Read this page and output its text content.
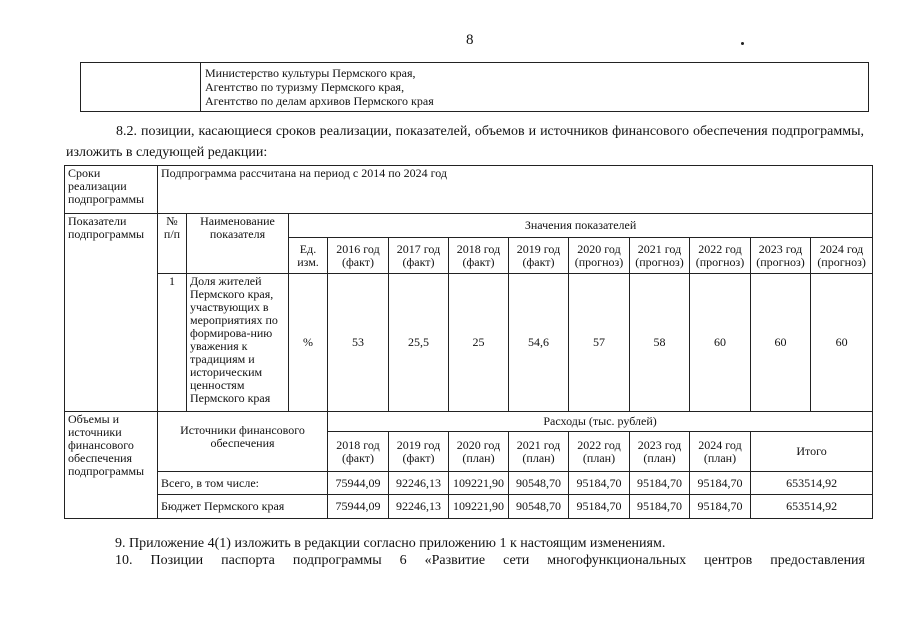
8

Министерство культуры Пермского края,
Агентство по туризму Пермского края,
Агентство по делам архивов Пермского края
8.2. позиции, касающиеся сроков реализации, показателей, объемов и источников финансового обеспечения подпрограммы, изложить в следующей редакции:
Сроки реализации подпрограммы	Подпрограмма рассчитана на период с 2014 по 2024 год											
Показатели подпрограммы	№ п/п	Наименование показателя	Значения показателей									
			Ед. изм.	2016 год (факт)	2017 год (факт)	2018 год (факт)	2019 год (факт)	2020 год (прогноз)	2021 год (прогноз)	2022 год (прогноз)	2023 год (прогноз)	2024 год (прогноз)
	1	Доля жителей Пермского края, участвующих в мероприятиях по формирова-нию уважения к традициям и историческим ценностям Пермского края	%	53	25,5	25	54,6	57	58	60	60	60
Объемы и источники финансового обеспечения подпрограммы	Источники финансового обеспечения			Расходы (тыс. рублей)								
				2018 год (факт)	2019 год (факт)	2020 год (план)	2021 год (план)	2022 год (план)	2023 год (план)	2024 год (план)	Итого	
	Всего, в том числе:			75944,09	92246,13	109221,90	90548,70	95184,70	95184,70	95184,70	653514,92	
	Бюджет Пермского края			75944,09	92246,13	109221,90	90548,70	95184,70	95184,70	95184,70	653514,92	
9. Приложение 4(1) изложить в редакции согласно приложению 1 к настоящим изменениям.
10. Позиции паспорта подпрограммы 6 «Развитие сети многофункциональных центров предоставления
